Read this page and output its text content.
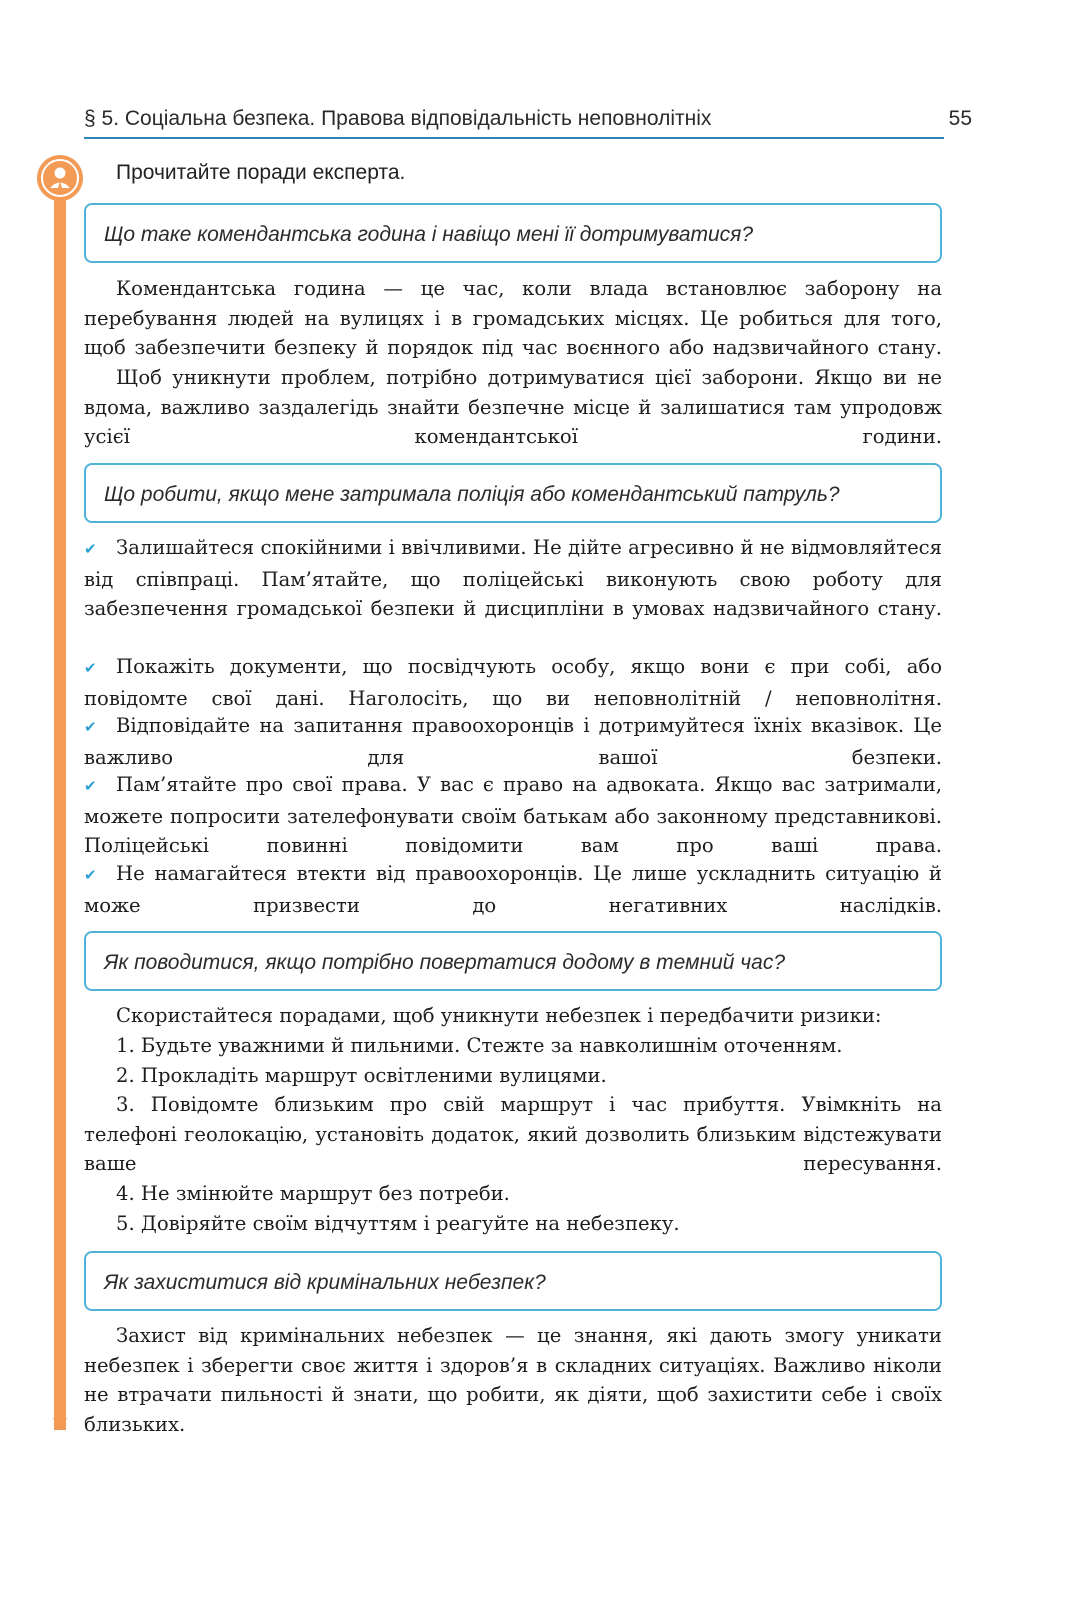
§ 5. Соціальна безпека. Правова відповідальність неповнолітніх	55
Прочитайте поради експерта.
Що таке комендантська година і навіщо мені її дотримуватися?
Комендантська година — це час, коли влада встановлює заборону на перебування людей на вулицях і в громадських місцях. Це робиться для того, щоб забезпечити безпеку й порядок під час воєнного або надзвичайного стану.
Щоб уникнути проблем, потрібно дотримуватися цієї заборони. Якщо ви не вдома, важливо заздалегідь знайти безпечне місце й залишатися там упродовж усієї комендантської години.
Що робити, якщо мене затримала поліція або комендантський патруль?
✔ Залишайтеся спокійними і ввічливими. Не дійте агресивно й не відмовляйтеся від співпраці. Пам’ятайте, що поліцейські виконують свою роботу для забезпечення громадської безпеки й дисципліни в умовах надзвичайного стану.
✔ Покажіть документи, що посвідчують особу, якщо вони є при собі, або повідомте свої дані. Наголосіть, що ви неповнолітній / неповнолітня.
✔ Відповідайте на запитання правоохоронців і дотримуйтеся їхніх вказівок. Це важливо для вашої безпеки.
✔ Пам’ятайте про свої права. У вас є право на адвоката. Якщо вас затримали, можете попросити зателефонувати своїм батькам або законному представникові. Поліцейські повинні повідомити вам про ваші права.
✔ Не намагайтеся втекти від правоохоронців. Це лише ускладнить ситуацію й може призвести до негативних наслідків.
Як поводитися, якщо потрібно повертатися додому в темний час?
Скористайтеся порадами, щоб уникнути небезпек і передбачити ризики:
1. Будьте уважними й пильними. Стежте за навколишнім оточенням.
2. Прокладіть маршрут освітленими вулицями.
3. Повідомте близьким про свій маршрут і час прибуття. Увімкніть на телефоні геолокацію, установіть додаток, який дозволить близьким відстежувати ваше пересування.
4. Не змінюйте маршрут без потреби.
5. Довіряйте своїм відчуттям і реагуйте на небезпеку.
Як захиститися від кримінальних небезпек?
Захист від кримінальних небезпек — це знання, які дають змогу уникати небезпек і зберегти своє життя і здоров’я в складних ситуаціях. Важливо ніколи не втрачати пильності й знати, що робити, як діяти, щоб захистити себе і своїх близьких.
